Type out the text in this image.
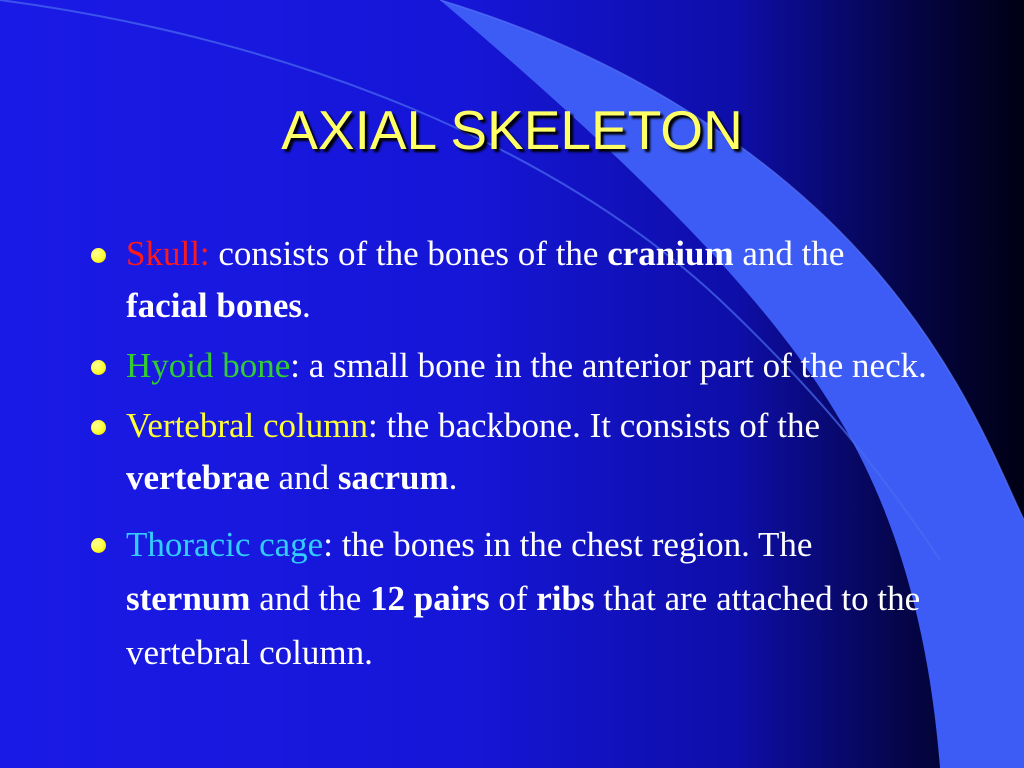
AXIAL SKELETON
Skull: consists of the bones of the cranium and the facial bones.
Hyoid bone: a small bone in the anterior part of the neck.
Vertebral column: the backbone. It consists of the vertebrae and sacrum.
Thoracic cage: the bones in the chest region. The sternum and the 12 pairs of ribs that are attached to the vertebral column.
